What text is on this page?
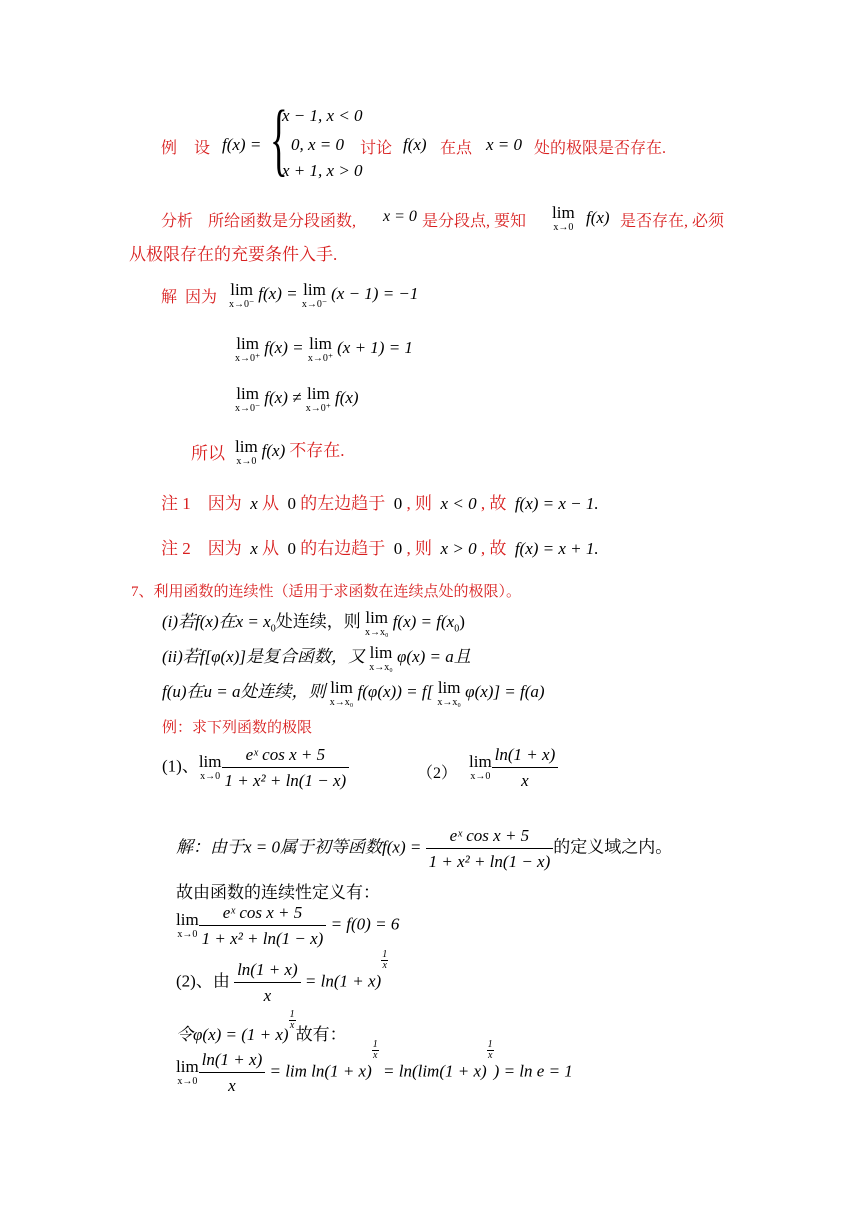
例 设 f(x) = {
x − 1, x < 0
0, x = 0
x + 1, x > 0
讨论 f(x) 在点 x = 0 处的极限是否存在.
分析 所给函数是分段函数, x = 0 是分段点, 要知 lim
x→0
f(x) 是否存在, 必须
从极限存在的充要条件入手.
解 因为 lim
x→0⁻
f(x) = lim
x→0⁻
(x − 1) = −1
lim
x→0⁺
f(x) = lim
x→0⁺
(x + 1) = 1
lim
x→0⁻
f(x) ≠ lim
x→0⁺
f(x)
所以 lim
x→0
f(x) 不存在.
注 1 因为 x 从 0 的左边趋于 0 , 则 x < 0 , 故 f(x) = x − 1.
注 2 因为 x 从 0 的右边趋于 0 , 则 x > 0 , 故 f(x) = x + 1.
7、利用函数的连续性（适用于求函数在连续点处的极限）。
(i)若f(x)在$x = x_0$处连续，则 lim
x→x₀
$f(x) = f(x_0)$
(ii)若f[φ(x)]是复合函数，又 lim
x→x₀
φ(x) = a且
f(u)在u = a处连续，则 lim
x→x₀
f(φ(x)) = f[ lim
x→x₀
φ(x)] = f(a)
例：求下列函数的极限
(1)、 lim
$x\to 0 \frac{\text{eˣ cos x + 5}}{\text{1 + x² + ln(1 − x)}}$	（2）
lim
$x\to 0 \frac{\ln(1 + x)}{x}$
解：由于x = 0属于初等函数$f(x) = \frac{\text{eˣ cos x + 5}}{\text{1 + x² + ln(1 − x)}}$ 的定义域之内。
故由函数的连续性定义有：
lim
$x\to 0 \frac{\text{eˣ cos x + 5}}{\text{1 + x² + ln(1 − x)}} = f(0) = 6$
(2)、由 $\frac{\ln(1 + x)}{x} = \ln(1 + x)$
$\frac{1}{x}$
令φ(x) = (1 + x)
$\frac{1}{x}$
故有：
lim
$x\to 0 \frac{\ln(1 + x)}{x} = \lim \ln(1 + x)$
$\frac{1}{x}$
= ln(lim(1 + x)
$\frac{1}{x}$
) = ln e = 1
